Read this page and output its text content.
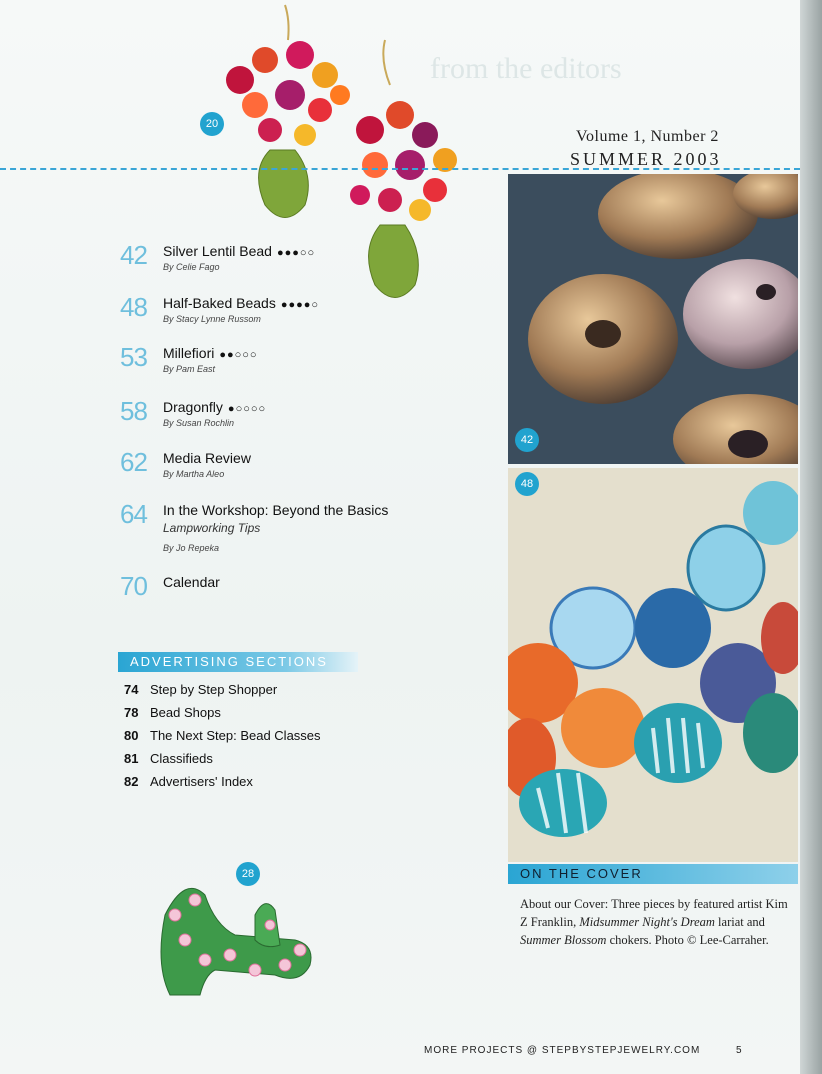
from the editors
20
Volume 1, Number 2
SUMMER 2003
42 Silver Lentil Bead ●●●○○
By Celie Fago
48 Half-Baked Beads ●●●●○
By Stacy Lynne Russom
53 Millefiori ●●○○○
By Pam East
58 Dragonfly ●○○○○
By Susan Rochlin
62 Media Review
By Martha Aleo
64 In the Workshop: Beyond the Basics
Lampworking Tips
By Jo Repeka
70 Calendar
ADVERTISING SECTIONS
74 Step by Step Shopper
78 Bead Shops
80 The Next Step: Bead Classes
81 Classifieds
82 Advertisers' Index
28
42
48
ON THE COVER
About our Cover: Three pieces by featured artist Kim Z Franklin, Midsummer Night's Dream lariat and Summer Blossom chokers. Photo © Lee-Carraher.
MORE PROJECTS @ STEPBYSTEPJEWELRY.COM	5
